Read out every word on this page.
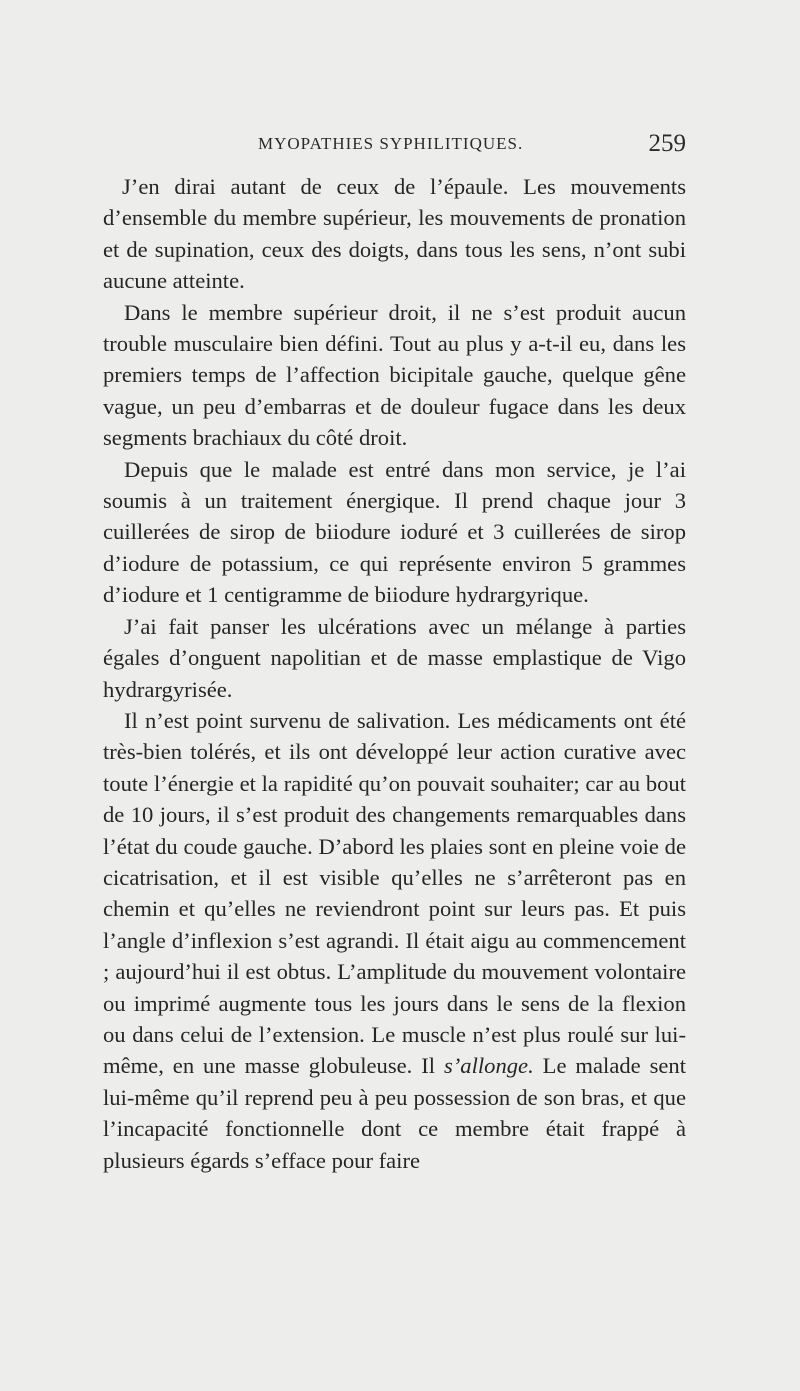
MYOPATHIES SYPHILITIQUES.	259

J’en dirai autant de ceux de l’épaule. Les mouvements d’ensemble du membre supérieur, les mouvements de pronation et de supination, ceux des doigts, dans tous les sens, n’ont subi aucune atteinte.

Dans le membre supérieur droit, il ne s’est produit aucun trouble musculaire bien défini. Tout au plus y a-t-il eu, dans les premiers temps de l’affection bicipitale gauche, quelque gêne vague, un peu d’embarras et de douleur fugace dans les deux segments brachiaux du côté droit.

Depuis que le malade est entré dans mon service, je l’ai soumis à un traitement énergique. Il prend chaque jour 3 cuillerées de sirop de biiodure ioduré et 3 cuillerées de sirop d’iodure de potassium, ce qui représente environ 5 grammes d’iodure et 1 centigramme de biiodure hydrargyrique.

J’ai fait panser les ulcérations avec un mélange à parties égales d’onguent napolitian et de masse emplastique de Vigo hydrargyrisée.

Il n’est point survenu de salivation. Les médicaments ont été très-bien tolérés, et ils ont développé leur action curative avec toute l’énergie et la rapidité qu’on pouvait souhaiter; car au bout de 10 jours, il s’est produit des changements remarquables dans l’état du coude gauche. D’abord les plaies sont en pleine voie de cicatrisation, et il est visible qu’elles ne s’arrêteront pas en chemin et qu’elles ne reviendront point sur leurs pas. Et puis l’angle d’inflexion s’est agrandi. Il était aigu au commencement ; aujourd’hui il est obtus. L’amplitude du mouvement volontaire ou imprimé augmente tous les jours dans le sens de la flexion ou dans celui de l’extension. Le muscle n’est plus roulé sur lui-même, en une masse globuleuse. Il s’allonge. Le malade sent lui-même qu’il reprend peu à peu possession de son bras, et que l’incapacité fonctionnelle dont ce membre était frappé à plusieurs égards s’efface pour faire
